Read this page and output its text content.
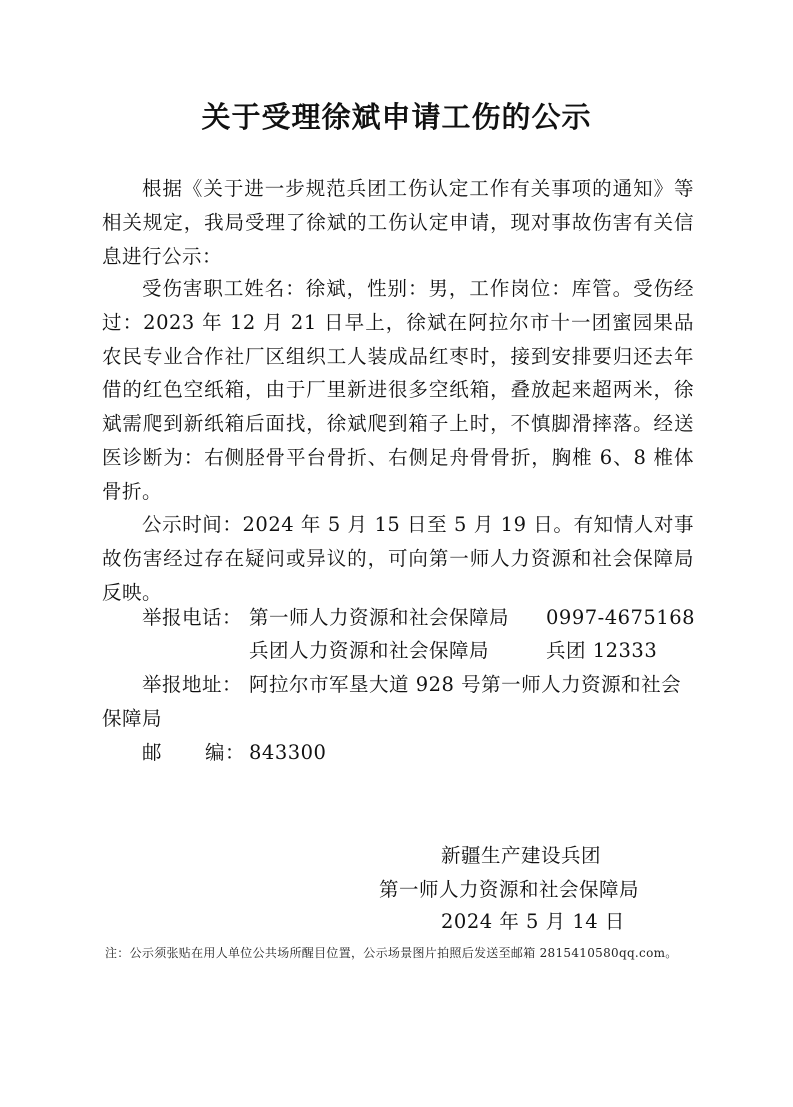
关于受理徐斌申请工伤的公示
根据《关于进一步规范兵团工伤认定工作有关事项的通知》等相关规定，我局受理了徐斌的工伤认定申请，现对事故伤害有关信息进行公示：
受伤害职工姓名：徐斌，性别：男，工作岗位：库管。受伤经过：2023 年 12 月 21 日早上，徐斌在阿拉尔市十一团蜜园果品农民专业合作社厂区组织工人装成品红枣时，接到安排要归还去年借的红色空纸箱，由于厂里新进很多空纸箱，叠放起来超两米，徐斌需爬到新纸箱后面找，徐斌爬到箱子上时，不慎脚滑摔落。经送医诊断为：右侧胫骨平台骨折、右侧足舟骨骨折，胸椎 6、8 椎体骨折。
公示时间：2024 年 5 月 15 日至 5 月 19 日。有知情人对事故伤害经过存在疑问或异议的，可向第一师人力资源和社会保障局反映。
举报电话： 第一师人力资源和社会保障局 0997-4675168
兵团人力资源和社会保障局	兵团 12333
举报地址： 阿拉尔市军垦大道 928 号第一师人力资源和社会
保障局
邮 编： 843300
新疆生产建设兵团
第一师人力资源和社会保障局
2024 年 5 月 14 日
注：公示须张贴在用人单位公共场所醒目位置，公示场景图片拍照后发送至邮箱 2815410580qq.com。
